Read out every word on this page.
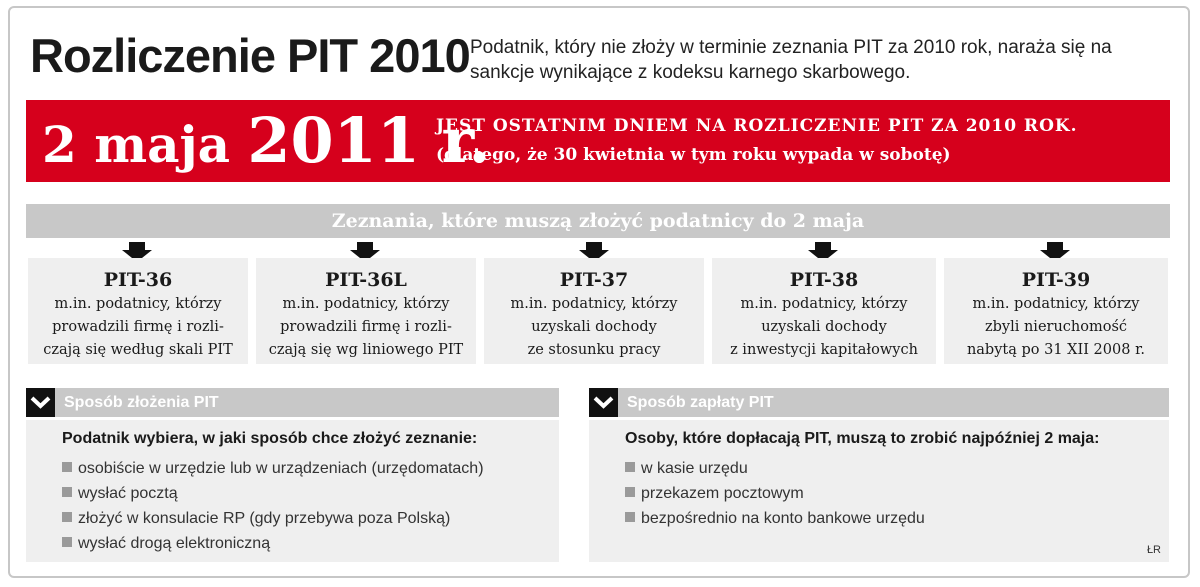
Rozliczenie PIT 2010 Podatnik, który nie złoży w terminie zeznania PIT za 2010 rok, naraża się na sankcje wynikające z kodeksu karnego skarbowego.
2 maja 2011 r.
JEST OSTATNIM DNIEM NA ROZLICZENIE PIT ZA 2010 ROK.
(dlatego, że 30 kwietnia w tym roku wypada w sobotę)
Zeznania, które muszą złożyć podatnicy do 2 maja
PIT-36
m.in. podatnicy, którzy
prowadzili firmę i rozli-
czają się według skali PIT
PIT-36L
m.in. podatnicy, którzy
prowadzili firmę i rozli-
czają się wg liniowego PIT
PIT-37
m.in. podatnicy, którzy
uzyskali dochody
ze stosunku pracy
PIT-38
m.in. podatnicy, którzy
uzyskali dochody
z inwestycji kapitałowych
PIT-39
m.in. podatnicy, którzy
zbyli nieruchomość
nabytą po 31 XII 2008 r.
Sposób złożenia PIT
Podatnik wybiera, w jaki sposób chce złożyć zeznanie:
osobiście w urzędzie lub w urządzeniach (urzędomatach)
wysłać pocztą
złożyć w konsulacie RP (gdy przebywa poza Polską)
wysłać drogą elektroniczną
Sposób zapłaty PIT
Osoby, które dopłacają PIT, muszą to zrobić najpóźniej 2 maja:
w kasie urzędu
przekazem pocztowym
bezpośrednio na konto bankowe urzędu
ŁR
